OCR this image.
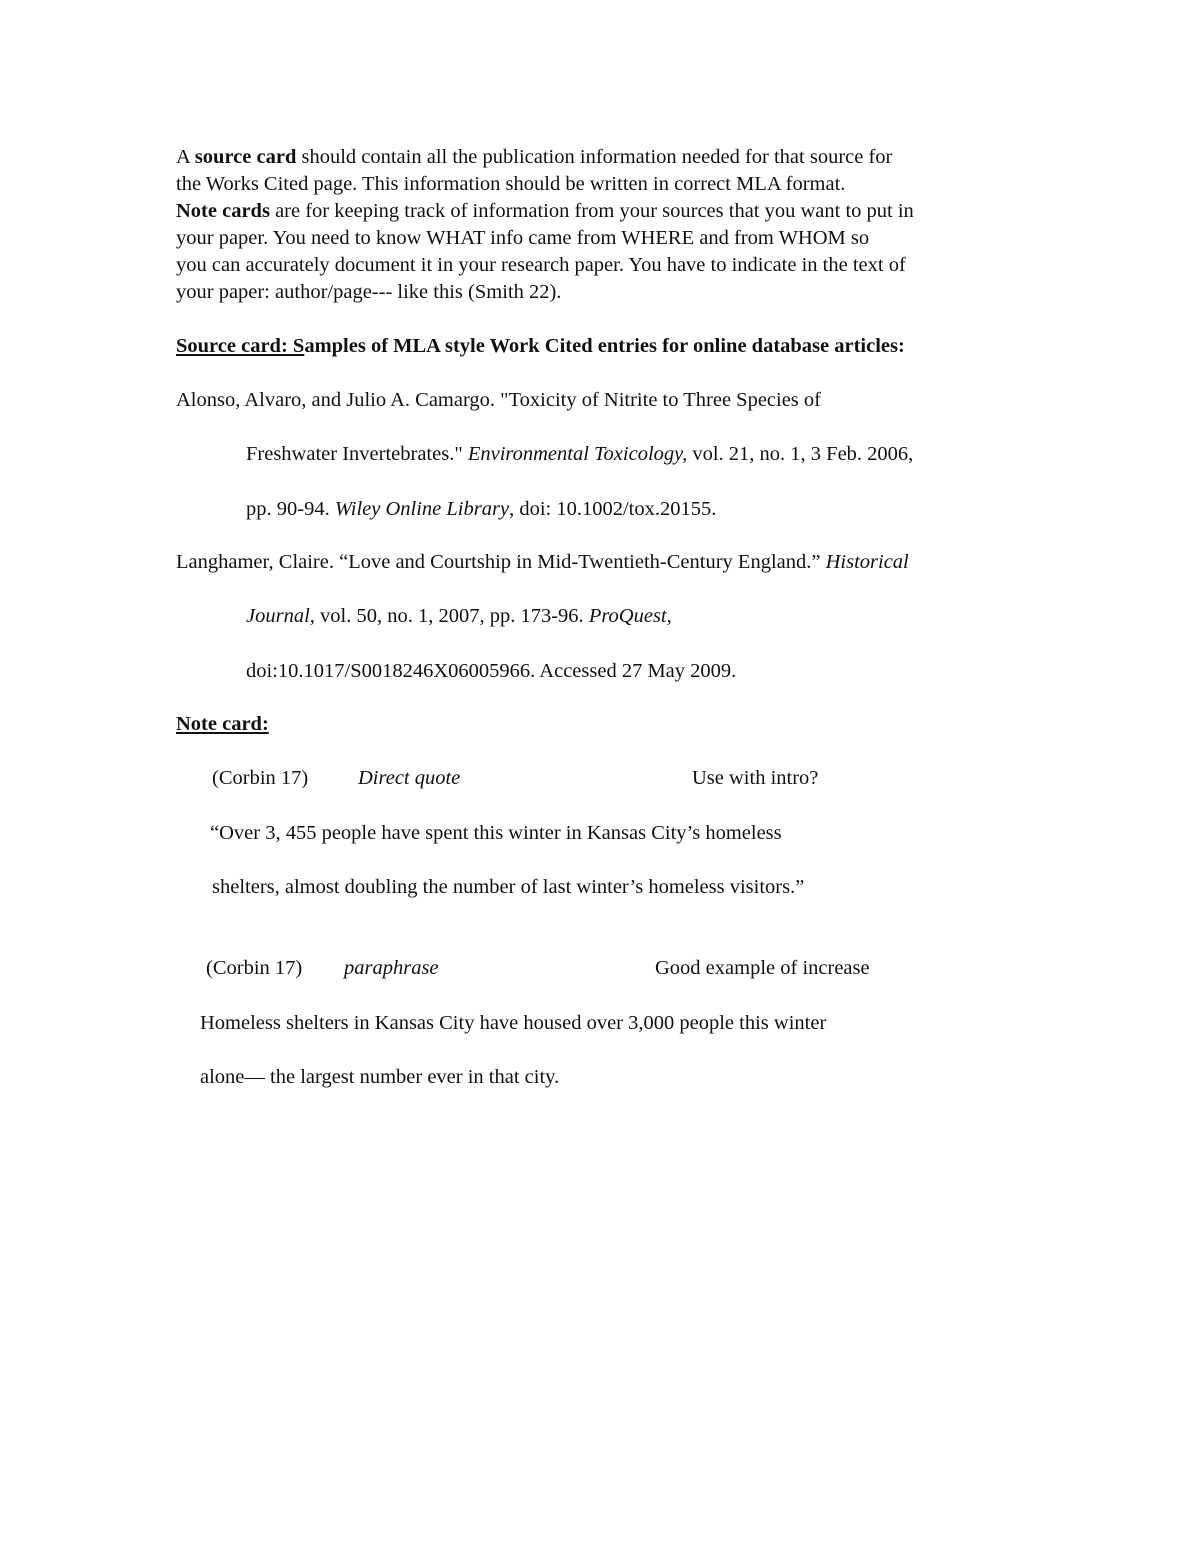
A source card should contain all the publication information needed for that source for
the Works Cited page. This information should be written in correct MLA format.
Note cards are for keeping track of information from your sources that you want to put in
your paper. You need to know WHAT info came from WHERE and from WHOM so
you can accurately document it in your research paper. You have to indicate in the text of
your paper: author/page--- like this (Smith 22).
Source card: Samples of MLA style Work Cited entries for online database articles:
Alonso, Alvaro, and Julio A. Camargo. "Toxicity of Nitrite to Three Species of
Freshwater Invertebrates." Environmental Toxicology, vol. 21, no. 1, 3 Feb. 2006,
pp. 90-94. Wiley Online Library, doi: 10.1002/tox.20155.
Langhamer, Claire. “Love and Courtship in Mid-Twentieth-Century England.” Historical
Journal, vol. 50, no. 1, 2007, pp. 173-96. ProQuest,
doi:10.1017/S0018246X06005966. Accessed 27 May 2009.
Note card:
(Corbin 17) Direct quote	Use with intro?
“Over 3, 455 people have spent this winter in Kansas City’s homeless
shelters, almost doubling the number of last winter’s homeless visitors.”
(Corbin 17) paraphrase	Good example of increase
Homeless shelters in Kansas City have housed over 3,000 people this winter
alone— the largest number ever in that city.
